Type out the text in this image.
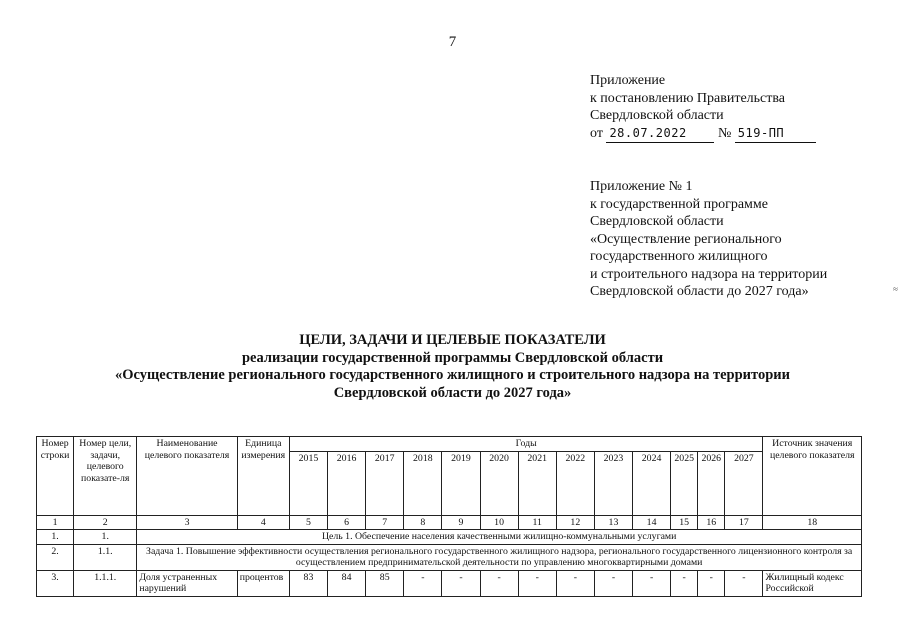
7
Приложение
к постановлению Правительства
Свердловской области
от 28.07.2022 № 519-ПП
Приложение № 1
к государственной программе
Свердловской области
«Осуществление регионального
государственного жилищного
и строительного надзора на территории
Свердловской области до 2027 года»	≈
ЦЕЛИ, ЗАДАЧИ И ЦЕЛЕВЫЕ ПОКАЗАТЕЛИ
реализации государственной программы Свердловской области
«Осуществление регионального государственного жилищного и строительного надзора на территории
Свердловской области до 2027 года»
Номер строки	Номер цели, задачи, целевого показате-ля	Наименование целевого показателя	Единица измерения	Годы													Источник значения целевого показателя
				2015	2016	2017	2018	2019	2020	2021	2022	2023	2024	2025	2026	2027	
1	2	3	4	5	6	7	8	9	10	11	12	13	14	15	16	17	18
1.	1.	Цель 1. Обеспечение населения качественными жилищно-коммунальными услугами															
2.	1.1.	Задача 1. Повышение эффективности осуществления регионального государственного жилищного надзора, регионального государственного лицензионного контроля за осуществлением предпринимательской деятельности по управлению многоквартирными домами															
3.	1.1.1.	Доля устраненных нарушений	процентов	83	84	85	-	-	-	-	-	-	-	-	-	-	Жилищный кодекс Российской
